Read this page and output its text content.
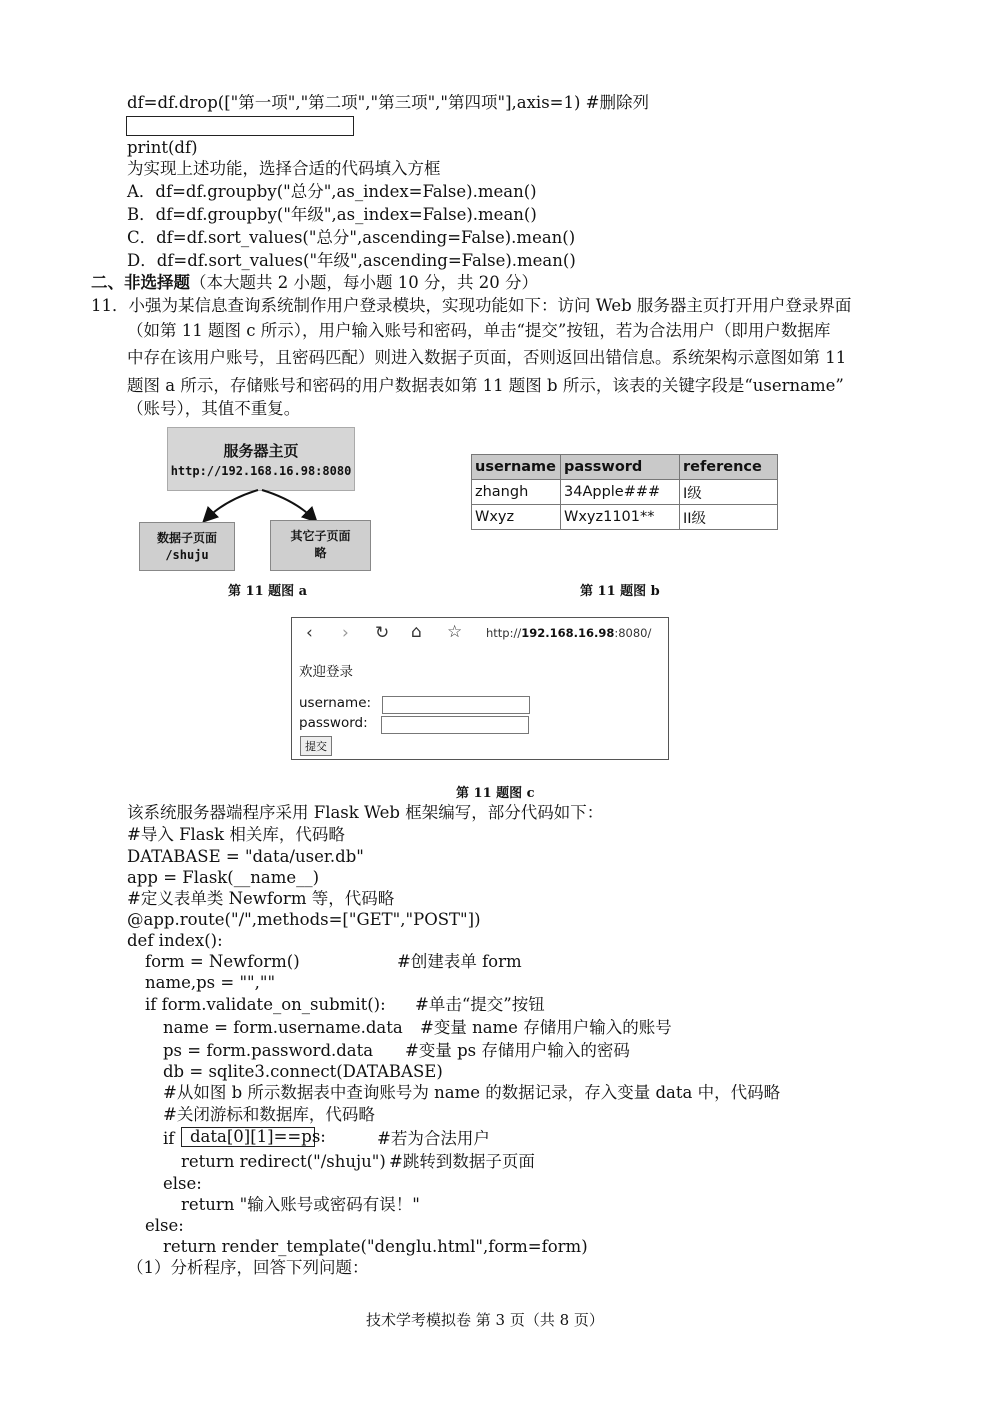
df=df.drop(["第一项","第二项","第三项","第四项"],axis=1) #删除列
print(df)
为实现上述功能，选择合适的代码填入方框
A．df=df.groupby("总分",as_index=False).mean()
B．df=df.groupby("年级",as_index=False).mean()
C．df=df.sort_values("总分",ascending=False).mean()
D．df=df.sort_values("年级",ascending=False).mean()
二、非选择题（本大题共 2 小题，每小题 10 分，共 20 分）
11．小强为某信息查询系统制作用户登录模块，实现功能如下：访问 Web 服务器主页打开用户登录界面
（如第 11 题图 c 所示），用户输入账号和密码，单击“提交”按钮，若为合法用户（即用户数据库
中存在该用户账号，且密码匹配）则进入数据子页面，否则返回出错信息。系统架构示意图如第 11
题图 a 所示，存储账号和密码的用户数据表如第 11 题图 b 所示，该表的关键字段是“username”
（账号），其值不重复。
服务器主页
http://192.168.16.98:8080
数据子页面
/shuju
其它子页面
略
第 11 题图 a
username	password	reference
zhangh	34Apple###	I级
Wxyz	Wxyz1101**	II级
第 11 题图 b
‹ › ↻ ⌂ ☆ http://192.168.16.98:8080/
欢迎登录
username:
password:
提交
第 11 题图 c
该系统服务器端程序采用 Flask Web 框架编写，部分代码如下：
#导入 Flask 相关库，代码略
DATABASE = "data/user.db"
app = Flask(__name__)
#定义表单类 Newform 等，代码略
@app.route("/",methods=["GET","POST"])
def index():
form = Newform()	#创建表单 form
name,ps = "",""
if form.validate_on_submit(): #单击“提交”按钮
name = form.username.data #变量 name 存储用户输入的账号
ps = form.password.data #变量 ps 存储用户输入的密码
db = sqlite3.connect(DATABASE)
#从如图 b 所示数据表中查询账号为 name 的数据记录，存入变量 data 中，代码略
#关闭游标和数据库，代码略
if data[0][1]==ps:	#若为合法用户
return redirect("/shuju") #跳转到数据子页面
else:
return "输入账号或密码有误！"
else:
return render_template("denglu.html",form=form)
（1）分析程序，回答下列问题：
技术学考模拟卷 第 3 页（共 8 页）
